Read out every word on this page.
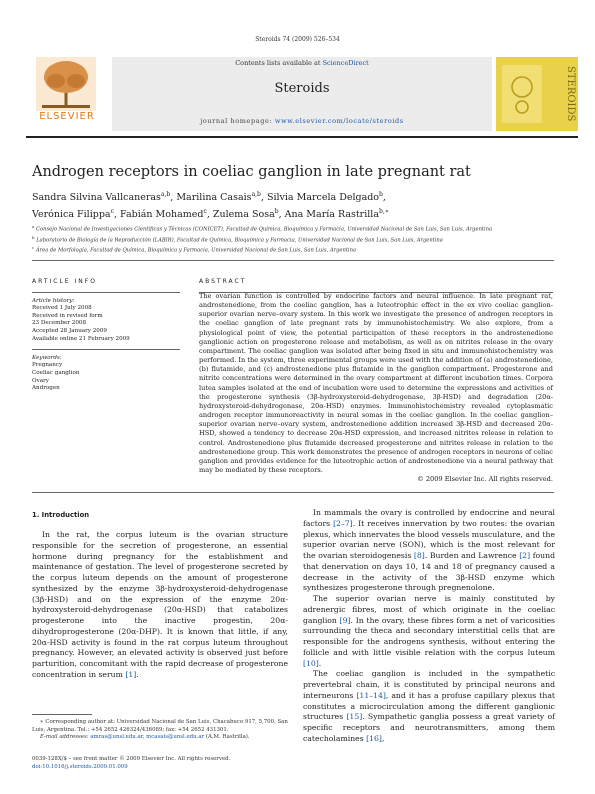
Steroids 74 (2009) 526–534
ELSEVIER
Contents lists available at ScienceDirect
Steroids
journal homepage: www.elsevier.com/locate/steroids	STEROIDS
Androgen receptors in coeliac ganglion in late pregnant rat
Sandra Silvina Vallcaneras$^{a,b}$, Marilina Casais$^{a,b}$, Silvia Marcela Delgado$^b$,
Verónica Filippa$^c$, Fabián Mohamed$^c$, Zulema Sosa$^b$, Ana María Rastrilla$^{b,∗}$
$^a$ Consejo Nacional de Investigaciones Científicas y Técnicas (CONICET), Facultad de Química, Bioquímica y Farmacia, Universidad Nacional de San Luis, San Luis, Argentina
$^b$ Laboratorio de Biología de la Reproducción (LABIR), Facultad de Química, Bioquímica y Farmacia, Universidad Nacional de San Luis, San Luis, Argentina
$^c$ Área de Morfología, Facultad de Química, Bioquímica y Farmacia, Universidad Nacional de San Luis, San Luis, Argentina
ARTICLE INFO
Article history:
Received 1 July 2008
Received in revised form
23 December 2008
Accepted 28 January 2009
Available online 21 February 2009
Keywords:
Pregnancy
Coeliac ganglion
Ovary
Androgen
ABSTRACT
The ovarian function is controlled by endocrine factors and neural influence. In late pregnant rat, androstenedione, from the coeliac ganglion, has a luteotrophic effect in the ex vivo coeliac ganglion-superior ovarian nerve–ovary system. In this work we investigate the presence of androgen receptors in the coeliac ganglion of late pregnant rats by immunohistochemistry. We also explore, from a physiological point of view, the potential participation of these receptors in the androstenedione ganglionic action on progesterone release and metabolism, as well as on nitrites release in the ovary compartment. The coeliac ganglion was isolated after being fixed in situ and immunohistochemistry was performed. In the system, three experimental groups were used with the addition of (a) androstenedione, (b) flutamide, and (c) androstenedione plus flutamide in the ganglion compartment. Progesterone and nitrite concentrations were determined in the ovary compartment at different incubation times. Corpora lutea samples isolated at the end of incubation were used to determine the expressions and activities of the progesterone synthesis (3β-hydroxysteroid-dehydrogenase, 3β-HSD) and degradation (20α-hydroxysteroid-dehydrogenase, 20α-HSD) enzymes. Immunohistochemistry revealed cytoplasmatic androgen receptor immunoreactivity in neural somas in the coeliac ganglion. In the coeliac ganglion–superior ovarian nerve–ovary system, androstenedione addition increased 3β-HSD and decreased 20α-HSD, showed a tendency to decrease 20α-HSD expression, and increased nitrites release in relation to control. Androstenedione plus flutamide decreased progesterone and nitrites release in relation to the androstenedione group. This work demonstrates the presence of androgen receptors in neurons of celiac ganglion and provides evidence for the luteotrophic action of androstenedione via a neural pathway that may be mediated by these receptors.
© 2009 Elsevier Inc. All rights reserved.
1. Introduction

In the rat, the corpus luteum is the ovarian structure responsible for the secretion of progesterone, an essential hormone during pregnancy for the establishment and maintenance of gestation. The level of progesterone secreted by the corpus luteum depends on the amount of progesterone synthesized by the enzyme 3β-hydroxysteroid-dehydrogenase (3β-HSD) and on the expression of the enzyme 20α-hydroxysteroid-dehydrogenase (20α-HSD) that catabolizes progesterone into the inactive progestin, 20α-dihydroprogesterone (20α-DHP). It is known that little, if any, 20α-HSD activity is found in the rat corpus luteum throughout pregnancy. However, an elevated activity is observed just before parturition, concomitant with the rapid decrease of progesterone concentration in serum [1].

In mammals the ovary is controlled by endocrine and neural factors [2–7]. It receives innervation by two routes: the ovarian plexus, which innervates the blood vessels musculature, and the superior ovarian nerve (SON), which is the most relevant for the ovarian steroidogenesis [8]. Burden and Lawrence [2] found that denervation on days 10, 14 and 18 of pregnancy caused a decrease in the activity of the 3β-HSD enzyme which synthesizes progesterone through pregnenolone.

The superior ovarian nerve is mainly constituted by adrenergic fibres, most of which originate in the coeliac ganglion [9]. In the ovary, these fibres form a net of varicosities surrounding the theca and secondary interstitial cells that are responsible for the androgens synthesis, without entering the follicle and with little visible relation with the corpus luteum [10].

The coeliac ganglion is included in the sympathetic prevertebral chain, it is constituted by principal neurons and interneurons [11–14], and it has a profuse capillary plexus that constitutes a microcirculation among the different ganglionic structures [15]. Sympathetic ganglia possess a great variety of specific receptors and neurotransmitters, among them catecholamines [16],

∗ Corresponding author at: Universidad Nacional de San Luis, Chacabuco 917, 5,700, San Luis, Argentina. Tel.: +54 2652 426324/436089; fax: +54 2652 431301.
E-mail addresses: amras@unsl.edu.ar, mcasais@unsl.edu.ar (A.M. Rastrilla).
0039-128X/$ – see front matter © 2009 Elsevier Inc. All rights reserved.
doi:10.1016/j.steroids.2009.01.009
